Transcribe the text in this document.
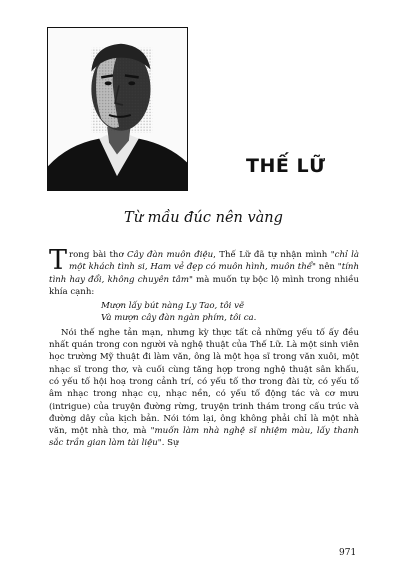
THẾ LỮ
Từ mầu đúc nên vàng

Trong bài thơ Cây đàn muôn điệu, Thế Lữ đã tự nhận mình "chỉ là một khách tình si, Ham vẻ đẹp có muôn hình, muôn thể" nên "tính tình hay đổi, không chuyên tâm" mà muốn tự bộc lộ mình trong nhiều khía cạnh:

Mượn lấy bút nàng Ly Tao, tôi vẽ
Và mượn cây đàn ngàn phím, tôi ca.

Nói thế nghe tản mạn, nhưng kỳ thực tất cả những yếu tố ấy đều nhất quán trong con người và nghệ thuật của Thế Lữ. Là một sinh viên học trường Mỹ thuật đi làm văn, ông là một họa sĩ trong văn xuôi, một nhạc sĩ trong thơ, và cuối cùng tăng hợp trong nghệ thuật sân khấu, có yếu tố hội hoạ trong cảnh trí, có yếu tố thơ trong đài từ, có yếu tố âm nhạc trong nhạc cụ, nhạc nền, có yếu tố động tác và cơ mưu (intrigue) của truyện đường rừng, truyện trinh thám trong cấu trúc và đường dây của kịch bản. Nói tóm lại, ông không phải chỉ là một nhà văn, một nhà thơ, mà "muốn làm nhà nghệ sĩ nhiệm màu, lấy thanh sắc trần gian làm tài liệu". Sự

971
